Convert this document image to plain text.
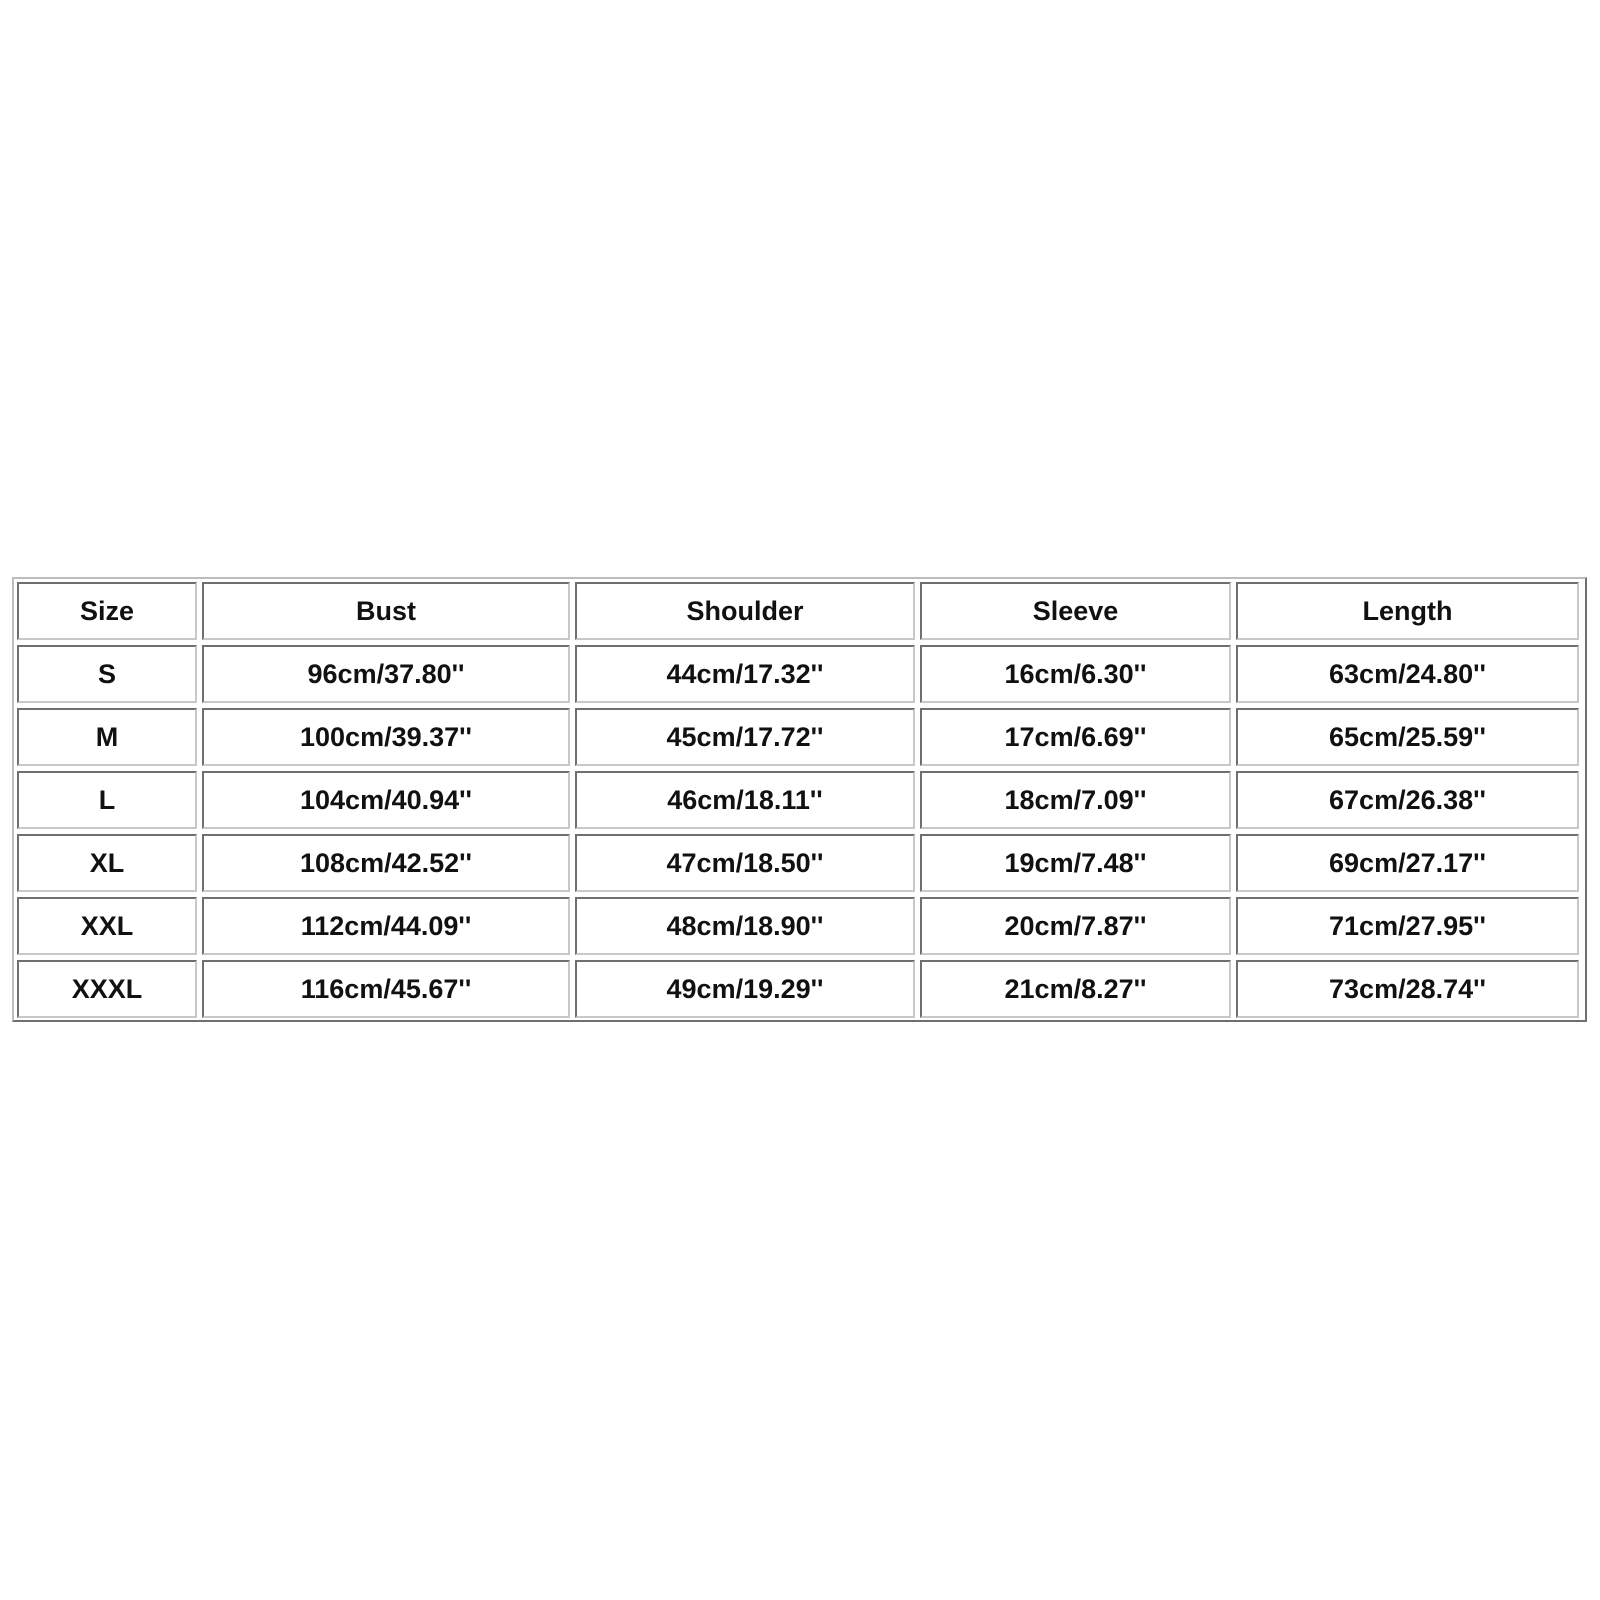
Size	Bust	Shoulder	Sleeve	Length
S	96cm/37.80''	44cm/17.32''	16cm/6.30''	63cm/24.80''
M	100cm/39.37''	45cm/17.72''	17cm/6.69''	65cm/25.59''
L	104cm/40.94''	46cm/18.11''	18cm/7.09''	67cm/26.38''
XL	108cm/42.52''	47cm/18.50''	19cm/7.48''	69cm/27.17''
XXL	112cm/44.09''	48cm/18.90''	20cm/7.87''	71cm/27.95''
XXXL	116cm/45.67''	49cm/19.29''	21cm/8.27''	73cm/28.74''
